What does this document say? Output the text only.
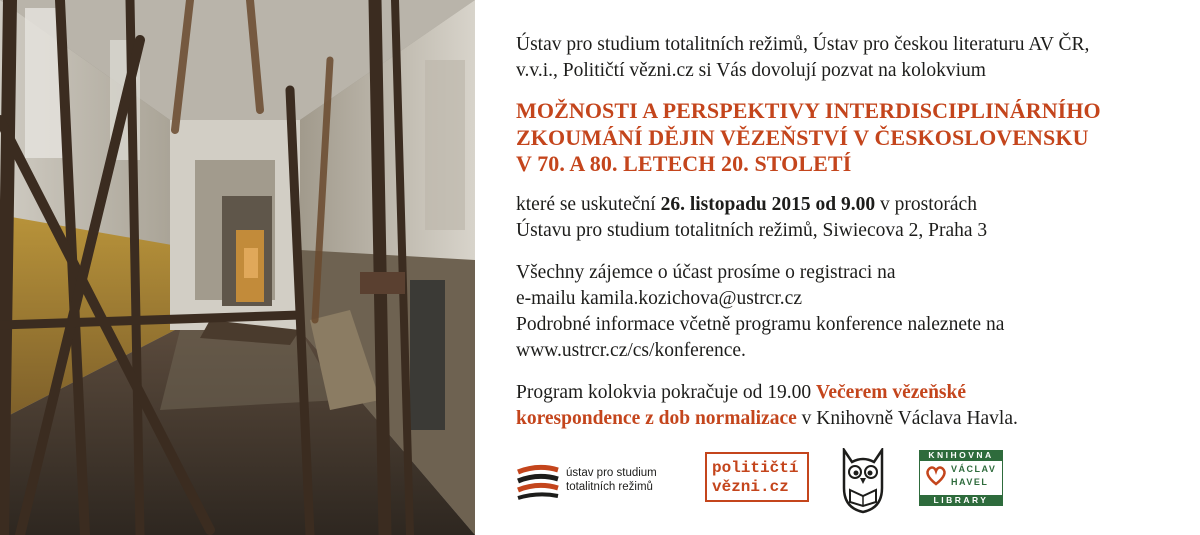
Ústav pro studium totalitních režimů, Ústav pro českou literaturu AV ČR,
v.v.i., Političtí vězni.cz si Vás dovolují pozvat na kolokvium

MOŽNOSTI A PERSPEKTIVY INTERDISCIPLINÁRNÍHO
ZKOUMÁNÍ DĚJIN VĚZEŇSTVÍ V ČESKOSLOVENSKU
V 70. A 80. LETECH 20. STOLETÍ

které se uskuteční 26. listopadu 2015 od 9.00 v prostorách
Ústavu pro studium totalitních režimů, Siwiecova 2, Praha 3

Všechny zájemce o účast prosíme o registraci na
e-mailu kamila.kozichova@ustrcr.cz
Podrobné informace včetně programu konference naleznete na
www.ustrcr.cz/cs/konference.

Program kolokvia pokračuje od 19.00 Večerem vězeňské
korespondence z dob normalizace v Knihovně Václava Havla.

ústav pro studium
totalitních režimů
političtí
vězni.cz
KNIHOVNA
VÁCLAV
HAVEL
LIBRARY
